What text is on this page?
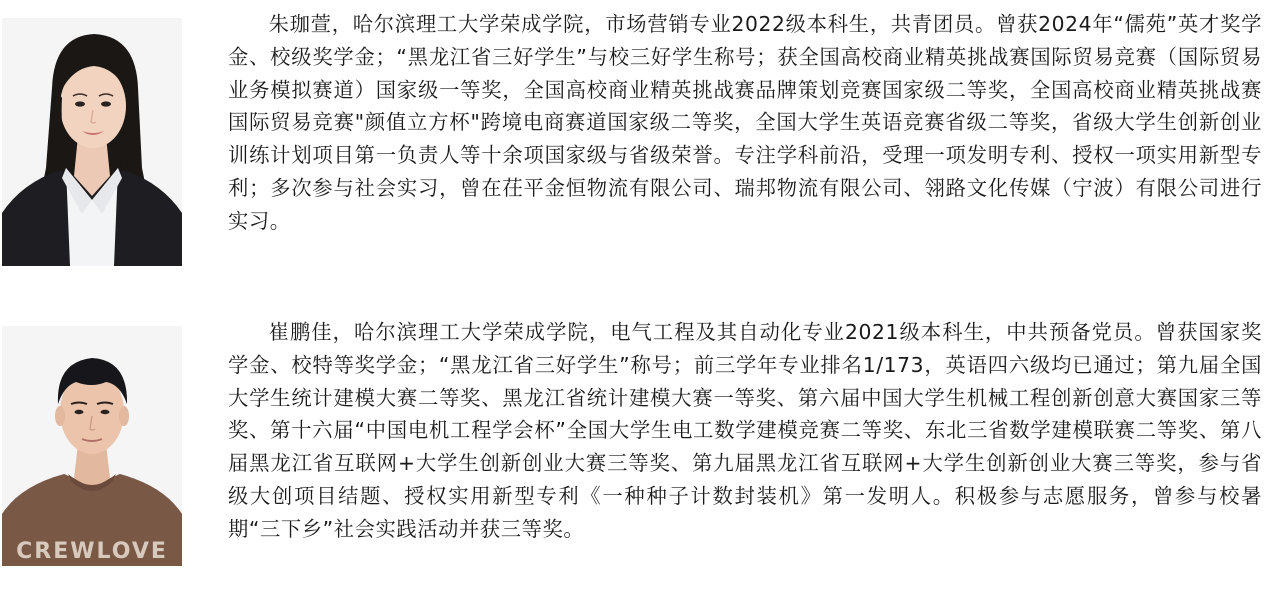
朱珈萱，哈尔滨理工大学荣成学院，市场营销专业2022级本科生，共青团员。曾获2024年“儒苑”英才奖学金、校级奖学金；“黑龙江省三好学生”与校三好学生称号；获全国高校商业精英挑战赛国际贸易竞赛（国际贸易业务模拟赛道）国家级一等奖，全国高校商业精英挑战赛品牌策划竞赛国家级二等奖，全国高校商业精英挑战赛国际贸易竞赛"颜值立方杯"跨境电商赛道国家级二等奖，全国大学生英语竞赛省级二等奖，省级大学生创新创业训练计划项目第一负责人等十余项国家级与省级荣誉。专注学科前沿，受理一项发明专利、授权一项实用新型专利；多次参与社会实习，曾在茌平金恒物流有限公司、瑞邦物流有限公司、翎路文化传媒（宁波）有限公司进行实习。

CREWLOVE

崔鹏佳，哈尔滨理工大学荣成学院，电气工程及其自动化专业2021级本科生，中共预备党员。曾获国家奖学金、校特等奖学金；“黑龙江省三好学生”称号；前三学年专业排名1/173，英语四六级均已通过；第九届全国大学生统计建模大赛二等奖、黑龙江省统计建模大赛一等奖、第六届中国大学生机械工程创新创意大赛国家三等奖、第十六届“中国电机工程学会杯”全国大学生电工数学建模竞赛二等奖、东北三省数学建模联赛二等奖、第八届黑龙江省互联网+大学生创新创业大赛三等奖、第九届黑龙江省互联网+大学生创新创业大赛三等奖，参与省级大创项目结题、授权实用新型专利《一种种子计数封装机》第一发明人。积极参与志愿服务，曾参与校暑期“三下乡”社会实践活动并获三等奖。
